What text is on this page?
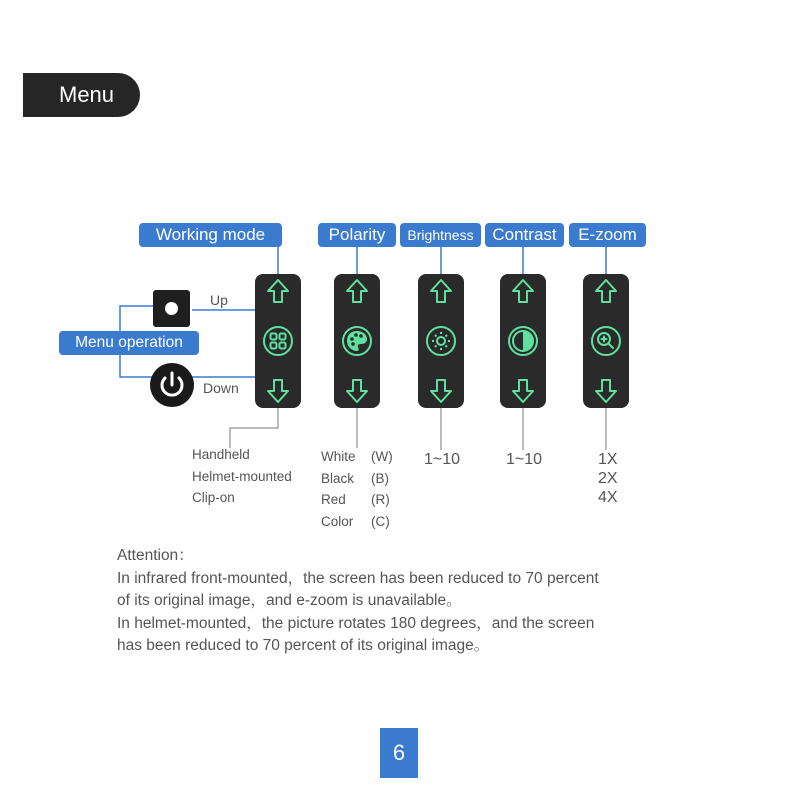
Menu
Working mode	Polarity	Brightness	Contrast	E-zoom
Menu operation
Up
Down
Handheld
Helmet-mounted
Clip-on
White (W)
Black (B)
Red (R)
Color (C)
1~10	1~10	1X
2X
4X
Attention：
In infrared front-mounted，the screen has been reduced to 70 percent
of its original image，and e-zoom is unavailable。
In helmet-mounted，the picture rotates 180 degrees，and the screen
has been reduced to 70 percent of its original image。
6
